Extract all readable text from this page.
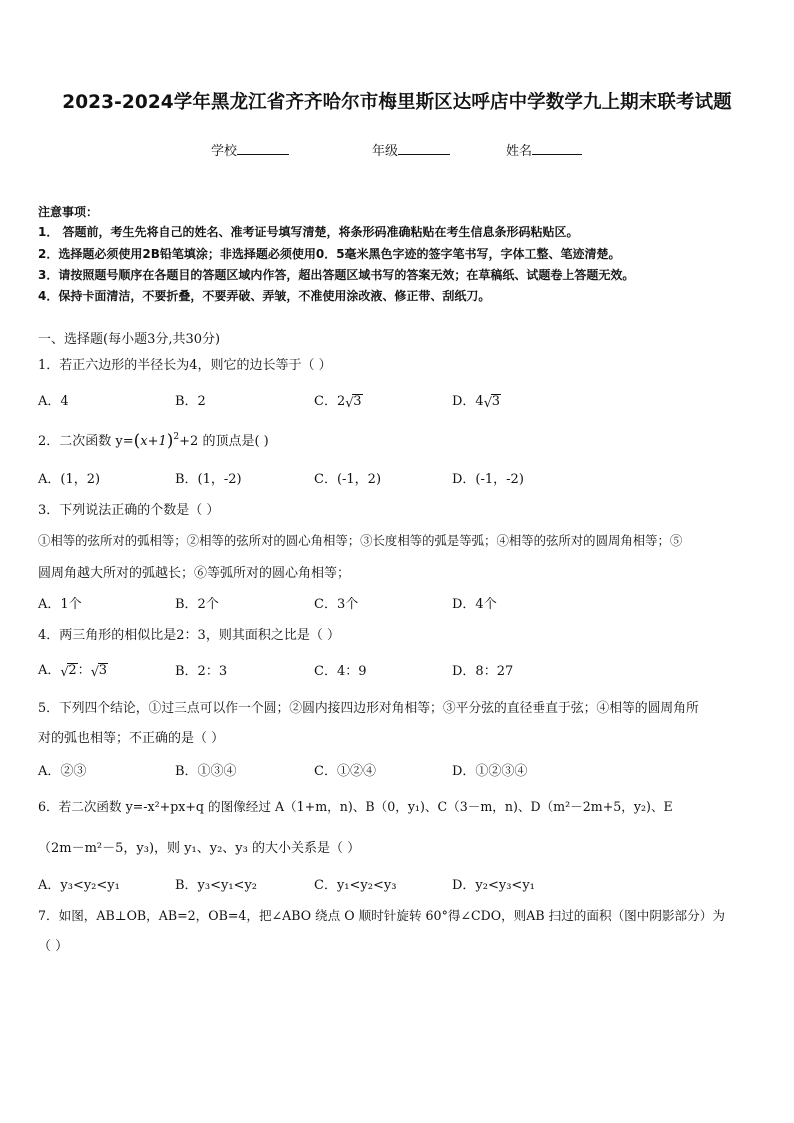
2023-2024学年黑龙江省齐齐哈尔市梅里斯区达呼店中学数学九上期末联考试题
学校	年级	姓名
注意事项：
1． 答题前，考生先将自己的姓名、准考证号填写清楚，将条形码准确粘贴在考生信息条形码粘贴区。
2．选择题必须使用2B铅笔填涂；非选择题必须使用0．5毫米黑色字迹的签字笔书写，字体工整、笔迹清楚。
3．请按照题号顺序在各题目的答题区域内作答，超出答题区域书写的答案无效；在草稿纸、试题卷上答题无效。
4．保持卡面清洁，不要折叠，不要弄破、弄皱，不准使用涂改液、修正带、刮纸刀。
一、选择题(每小题3分,共30分)
1．若正六边形的半径长为4，则它的边长等于（ ）
A．4	B．2	C．2 √ 3	D．4 √ 3
2．二次函数 $y=(x+1)^2+2$ 的顶点是( )
A．(1，2)	B．(1，-2)	C．(-1，2)	D．(-1，-2)
3．下列说法正确的个数是（ ）
①相等的弦所对的弧相等；②相等的弦所对的圆心角相等；③长度相等的弧是等弧；④相等的弦所对的圆周角相等；⑤
圆周角越大所对的弧越长；⑥等弧所对的圆心角相等；
A．1个	B．2个	C．3个	D．4个
4．两三角形的相似比是2：3，则其面积之比是（ ）
A． √ 2： √ 3	B．2：3	C．4：9	D．8：27
5．下列四个结论，①过三点可以作一个圆；②圆内接四边形对角相等；③平分弦的直径垂直于弦；④相等的圆周角所
对的弧也相等；不正确的是（ ）
A．②③	B．①③④	C．①②④	D．①②③④
6．若二次函数 y=-x²+px+q 的图像经过 A（1+m，n)、B（0，y₁)、C（3－m，n)、D（m²－2m+5，y₂)、E
（2m－m²－5，y₃)，则 y₁、y₂、y₃ 的大小关系是（ ）
A．y₃<y₂<y₁	B．y₃<y₁<y₂	C．y₁<y₂<y₃	D．y₂<y₃<y₁
7．如图，AB⊥OB，AB=2，OB=4，把∠ABO 绕点 O 顺时针旋转 60°得∠CDO，则AB 扫过的面积（图中阴影部分）为
（ ）
